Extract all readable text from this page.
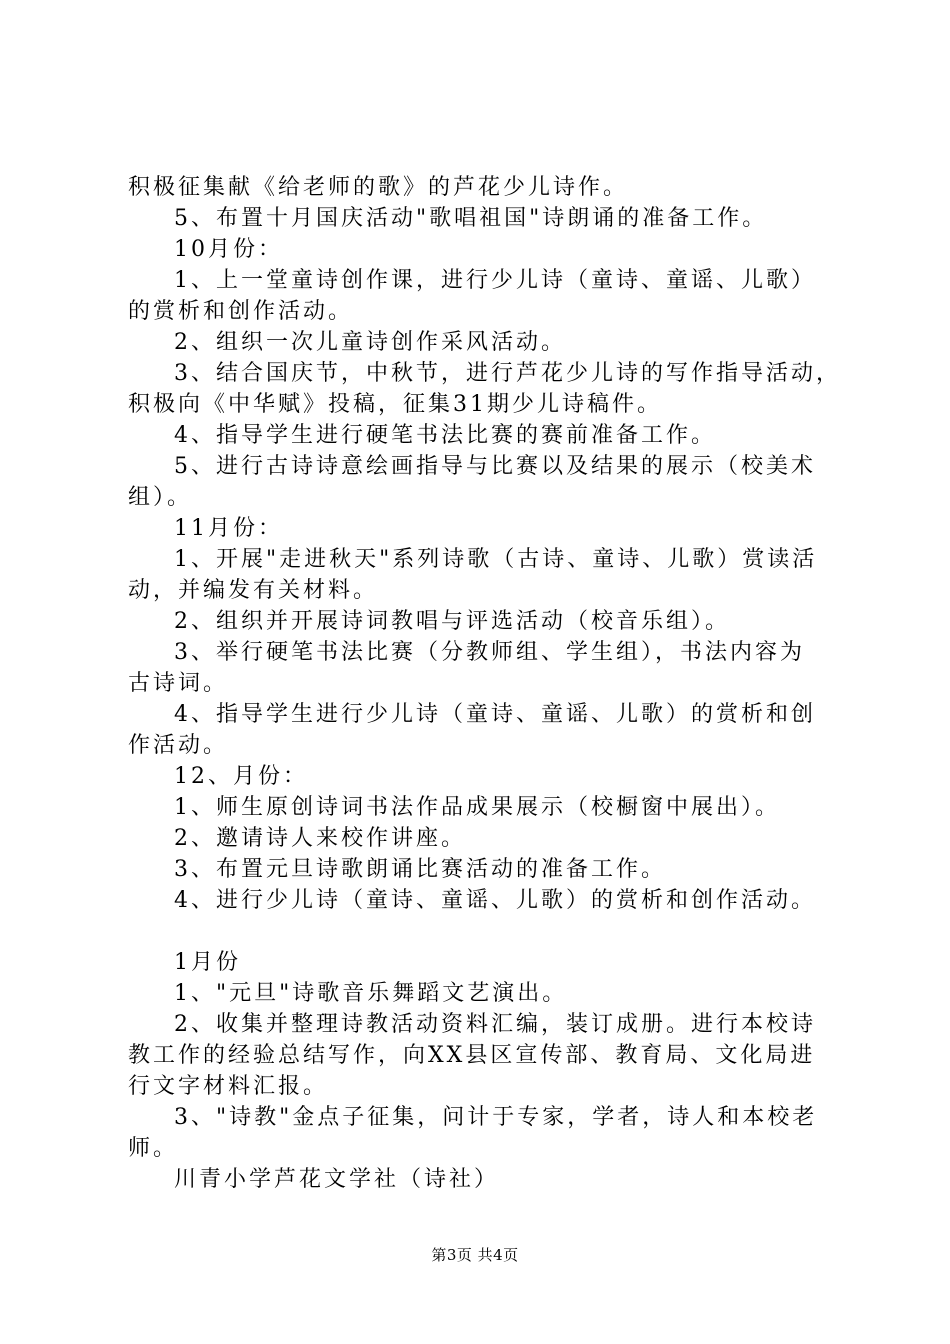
积极征集献《给老师的歌》的芦花少儿诗作。
5、布置十月国庆活动"歌唱祖国"诗朗诵的准备工作。
10月份：
1、上一堂童诗创作课，进行少儿诗（童诗、童谣、儿歌）
的赏析和创作活动。
2、组织一次儿童诗创作采风活动。
3、结合国庆节，中秋节，进行芦花少儿诗的写作指导活动，
积极向《中华赋》投稿，征集31期少儿诗稿件。
4、指导学生进行硬笔书法比赛的赛前准备工作。
5、进行古诗诗意绘画指导与比赛以及结果的展示（校美术
组）。
11月份：
1、开展"走进秋天"系列诗歌（古诗、童诗、儿歌）赏读活
动，并编发有关材料。
2、组织并开展诗词教唱与评选活动（校音乐组）。
3、举行硬笔书法比赛（分教师组、学生组），书法内容为
古诗词。
4、指导学生进行少儿诗（童诗、童谣、儿歌）的赏析和创
作活动。
12、月份：
1、师生原创诗词书法作品成果展示（校橱窗中展出）。
2、邀请诗人来校作讲座。
3、布置元旦诗歌朗诵比赛活动的准备工作。
4、进行少儿诗（童诗、童谣、儿歌）的赏析和创作活动。
1月份
1、"元旦"诗歌音乐舞蹈文艺演出。
2、收集并整理诗教活动资料汇编，装订成册。进行本校诗
教工作的经验总结写作，向XX县区宣传部、教育局、文化局进
行文字材料汇报。
3、"诗教"金点子征集，问计于专家，学者，诗人和本校老
师。
川青小学芦花文学社（诗社）
第3页 共4页
